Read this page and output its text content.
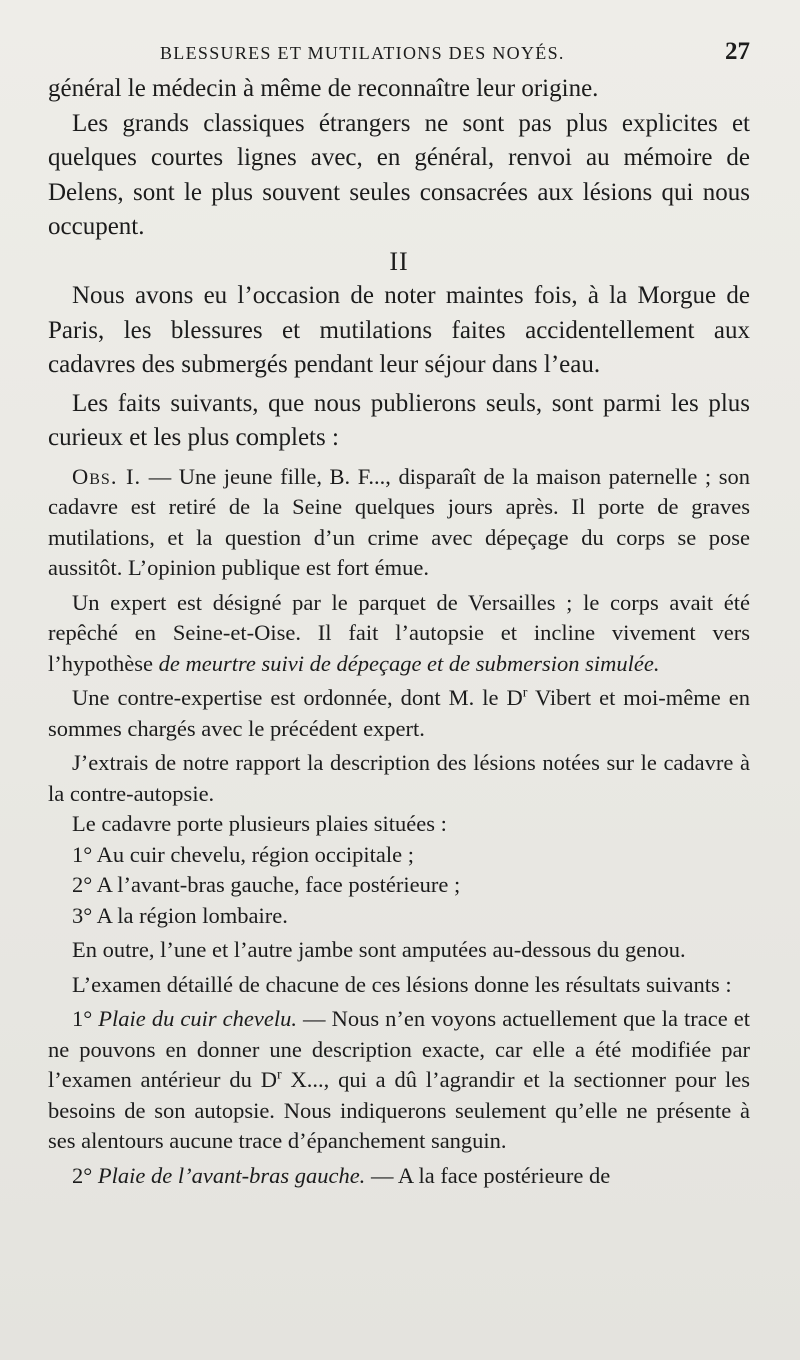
BLESSURES ET MUTILATIONS DES NOYÉS.	27

général le médecin à même de reconnaître leur origine.

Les grands classiques étrangers ne sont pas plus explicites et quelques courtes lignes avec, en général, renvoi au mémoire de Delens, sont le plus souvent seules consacrées aux lésions qui nous occupent.

II

Nous avons eu l’occasion de noter maintes fois, à la Morgue de Paris, les blessures et mutilations faites accidentellement aux cadavres des submergés pendant leur séjour dans l’eau.

Les faits suivants, que nous publierons seuls, sont parmi les plus curieux et les plus complets :

Obs. I. — Une jeune fille, B. F..., disparaît de la maison paternelle ; son cadavre est retiré de la Seine quelques jours après. Il porte de graves mutilations, et la question d’un crime avec dépeçage du corps se pose aussitôt. L’opinion publique est fort émue.

Un expert est désigné par le parquet de Versailles ; le corps avait été repêché en Seine-et-Oise. Il fait l’autopsie et incline vivement vers l’hypothèse de meurtre suivi de dépeçage et de submersion simulée.

Une contre-expertise est ordonnée, dont M. le $D^r$ Vibert et moi-même en sommes chargés avec le précédent expert.

J’extrais de notre rapport la description des lésions notées sur le cadavre à la contre-autopsie.

Le cadavre porte plusieurs plaies situées :

1° Au cuir chevelu, région occipitale ;

2° A l’avant-bras gauche, face postérieure ;

3° A la région lombaire.

En outre, l’une et l’autre jambe sont amputées au-dessous du genou.

L’examen détaillé de chacune de ces lésions donne les résultats suivants :

1° Plaie du cuir chevelu. — Nous n’en voyons actuellement que la trace et ne pouvons en donner une description exacte, car elle a été modifiée par l’examen antérieur du $D^r$ X..., qui a dû l’agrandir et la sectionner pour les besoins de son autopsie. Nous indiquerons seulement qu’elle ne présente à ses alentours aucune trace d’épanchement sanguin.

2° Plaie de l’avant-bras gauche. — A la face postérieure de
